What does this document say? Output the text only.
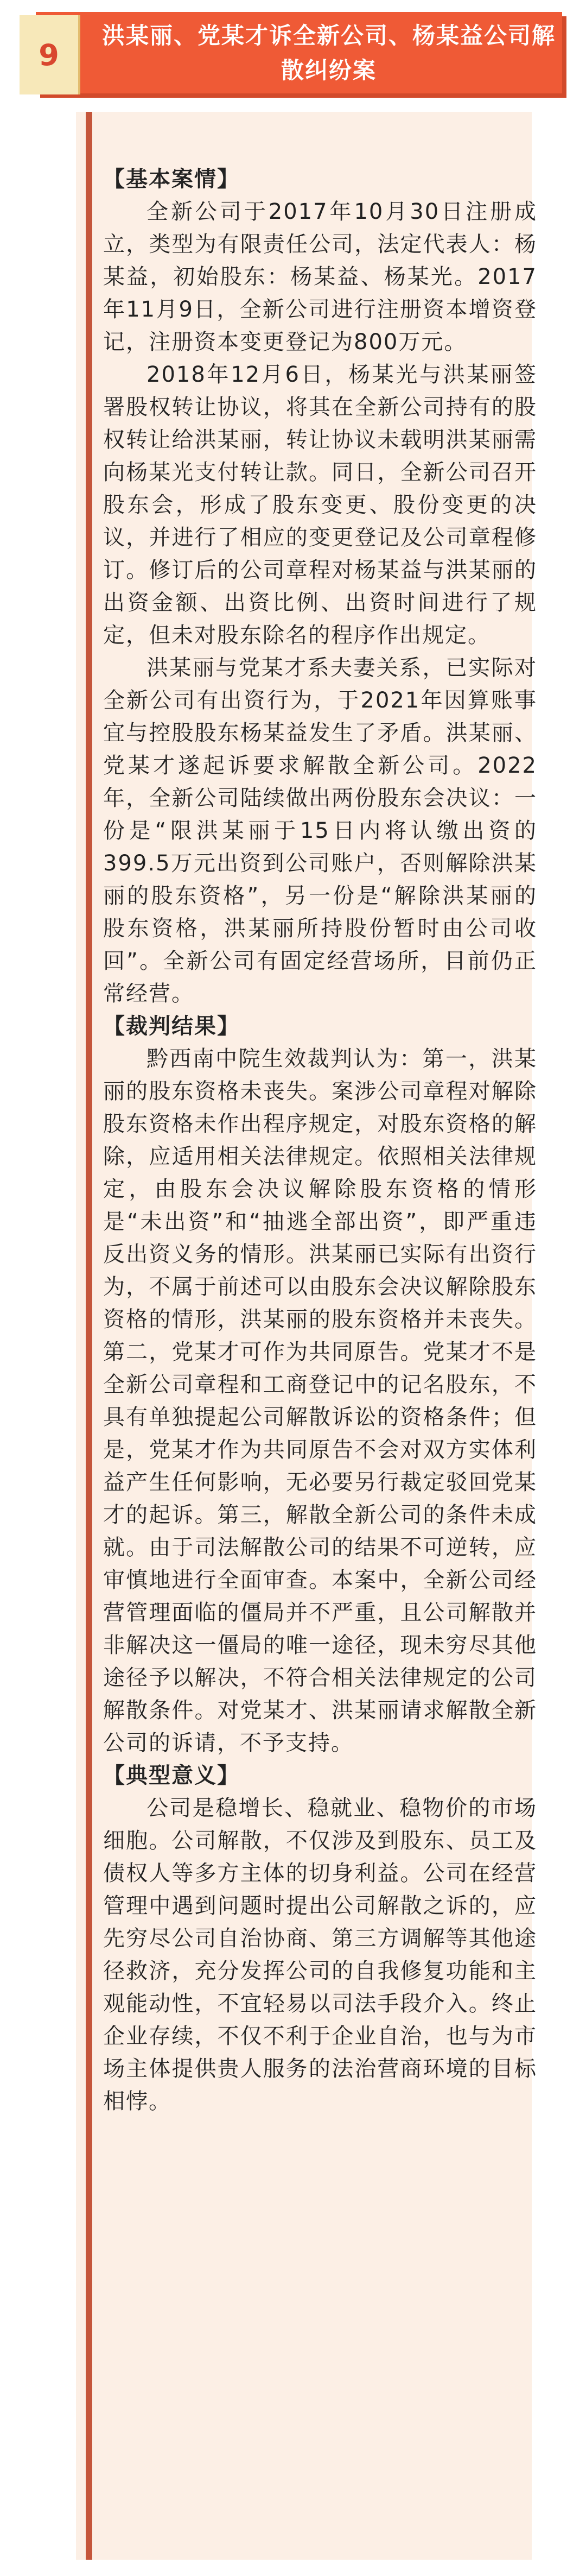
9
洪某丽、党某才诉全新公司、杨某益公司解散纠纷案

【基本案情】

全新公司于2017年10月30日注册成立，类型为有限责任公司，法定代表人：杨某益，初始股东：杨某益、杨某光。2017年11月9日，全新公司进行注册资本增资登记，注册资本变更登记为800万元。

2018年12月6日，杨某光与洪某丽签署股权转让协议，将其在全新公司持有的股权转让给洪某丽，转让协议未载明洪某丽需向杨某光支付转让款。同日，全新公司召开股东会，形成了股东变更、股份变更的决议，并进行了相应的变更登记及公司章程修订。修订后的公司章程对杨某益与洪某丽的出资金额、出资比例、出资时间进行了规定，但未对股东除名的程序作出规定。

洪某丽与党某才系夫妻关系，已实际对全新公司有出资行为，于2021年因算账事宜与控股股东杨某益发生了矛盾。洪某丽、党某才遂起诉要求解散全新公司。2022年，全新公司陆续做出两份股东会决议：一份是“限洪某丽于15日内将认缴出资的399.5万元出资到公司账户，否则解除洪某丽的股东资格”，另一份是“解除洪某丽的股东资格，洪某丽所持股份暂时由公司收回”。全新公司有固定经营场所，目前仍正常经营。

【裁判结果】

黔西南中院生效裁判认为：第一，洪某丽的股东资格未丧失。案涉公司章程对解除股东资格未作出程序规定，对股东资格的解除，应适用相关法律规定。依照相关法律规定，由股东会决议解除股东资格的情形是“未出资”和“抽逃全部出资”，即严重违反出资义务的情形。洪某丽已实际有出资行为，不属于前述可以由股东会决议解除股东资格的情形，洪某丽的股东资格并未丧失。第二，党某才可作为共同原告。党某才不是全新公司章程和工商登记中的记名股东，不具有单独提起公司解散诉讼的资格条件；但是，党某才作为共同原告不会对双方实体利益产生任何影响，无必要另行裁定驳回党某才的起诉。第三，解散全新公司的条件未成就。由于司法解散公司的结果不可逆转，应审慎地进行全面审查。本案中，全新公司经营管理面临的僵局并不严重，且公司解散并非解决这一僵局的唯一途径，现未穷尽其他途径予以解决，不符合相关法律规定的公司解散条件。对党某才、洪某丽请求解散全新公司的诉请，不予支持。

【典型意义】

公司是稳增长、稳就业、稳物价的市场细胞。公司解散，不仅涉及到股东、员工及债权人等多方主体的切身利益。公司在经营管理中遇到问题时提出公司解散之诉的，应先穷尽公司自治协商、第三方调解等其他途径救济，充分发挥公司的自我修复功能和主观能动性，不宜轻易以司法手段介入。终止企业存续，不仅不利于企业自治，也与为市场主体提供贵人服务的法治营商环境的目标相悖。
